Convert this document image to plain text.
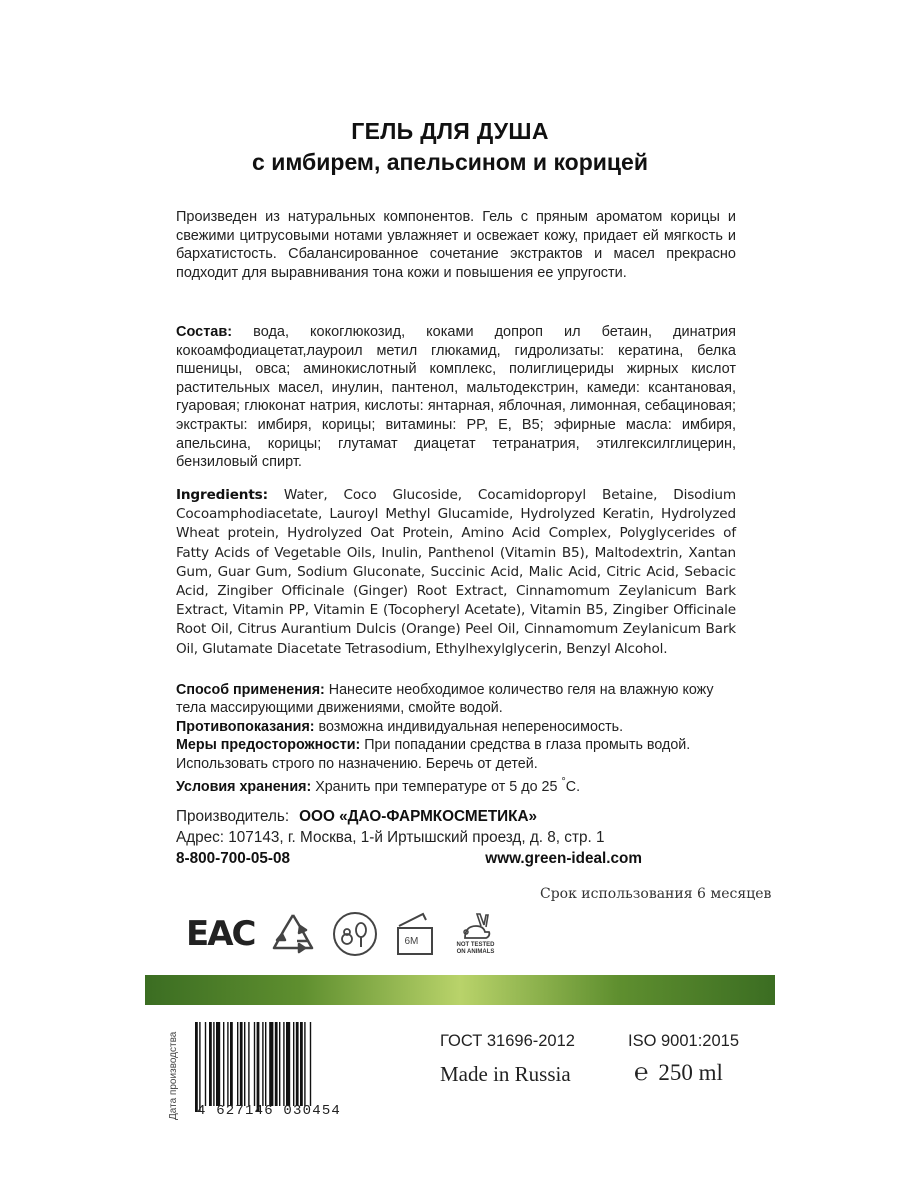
ГЕЛЬ ДЛЯ ДУША
с имбирем, апельсином и корицей
Произведен из натуральных компонентов. Гель с пряным ароматом корицы и свежими цитрусовыми нотами увлажняет и освежает кожу, придает ей мягкость и бархатистость. Сбалансированное сочетание экстрактов и масел прекрасно подходит для выравнивания тона кожи и повышения ее упругости.
Состав: вода, кокоглюкозид, коками допроп ил бетаин, динатрия кокоамфодиацетат,лауроил метил глюкамид, гидролизаты: кератина, белка пшеницы, овса; аминокислотный комплекс, полиглицериды жирных кислот растительных масел, инулин, пантенол, мальтодекстрин, камеди: ксантановая, гуаровая; глюконат натрия, кислоты: янтарная, яблочная, лимонная, себациновая; экстракты: имбиря, корицы; витамины: PP, E, B5; эфирные масла: имбиря, апельсина, корицы; глутамат диацетат тетранатрия, этилгексилглицерин, бензиловый спирт.
Ingredients: Water, Coco Glucoside, Cocamidopropyl Betaine, Disodium Cocoamphodiacetate, Lauroyl Methyl Glucamide, Hydrolyzed Keratin, Hydrolyzed Wheat protein, Hydrolyzed Oat Protein, Amino Acid Complex, Polyglycerides of Fatty Acids of Vegetable Oils, Inulin, Panthenol (Vitamin B5), Maltodextrin, Xantan Gum, Guar Gum, Sodium Gluconate, Succinic Acid, Malic Acid, Citric Acid, Sebacic Acid, Zingiber Officinale (Ginger) Root Extract, Cinnamomum Zeylanicum Bark Extract, Vitamin PP, Vitamin E (Tocopheryl Acetate), Vitamin B5, Zingiber Officinale Root Oil, Citrus Aurantium Dulcis (Orange) Peel Oil, Cinnamomum Zeylanicum Bark Oil, Glutamate Diacetate Tetrasodium, Ethylhexylglycerin, Benzyl Alcohol.
Способ применения: Нанесите необходимое количество геля на влажную кожу тела массирующими движениями, смойте водой.
Противопоказания: возможна индивидуальная непереносимость.
Меры предосторожности: При попадании средства в глаза промыть водой. Использовать строго по назначению. Беречь от детей.
Условия хранения: Хранить при температуре от 5 до 25 °C.
Производитель: ООО «ДАО-ФАРМКОСМЕТИКА»
Адрес: 107143, г. Москва, 1-й Иртышский проезд, д. 8, стр. 1
8-800-700-05-08	www.green-ideal.com
Срок использования 6 месяцев
ЕАС	6M	NOT TESTED
ON ANIMALS
Дата производства 4 627146 030454
ГОСТ 31696-2012	ISO 9001:2015
Made in Russia	℮ 250 ml
